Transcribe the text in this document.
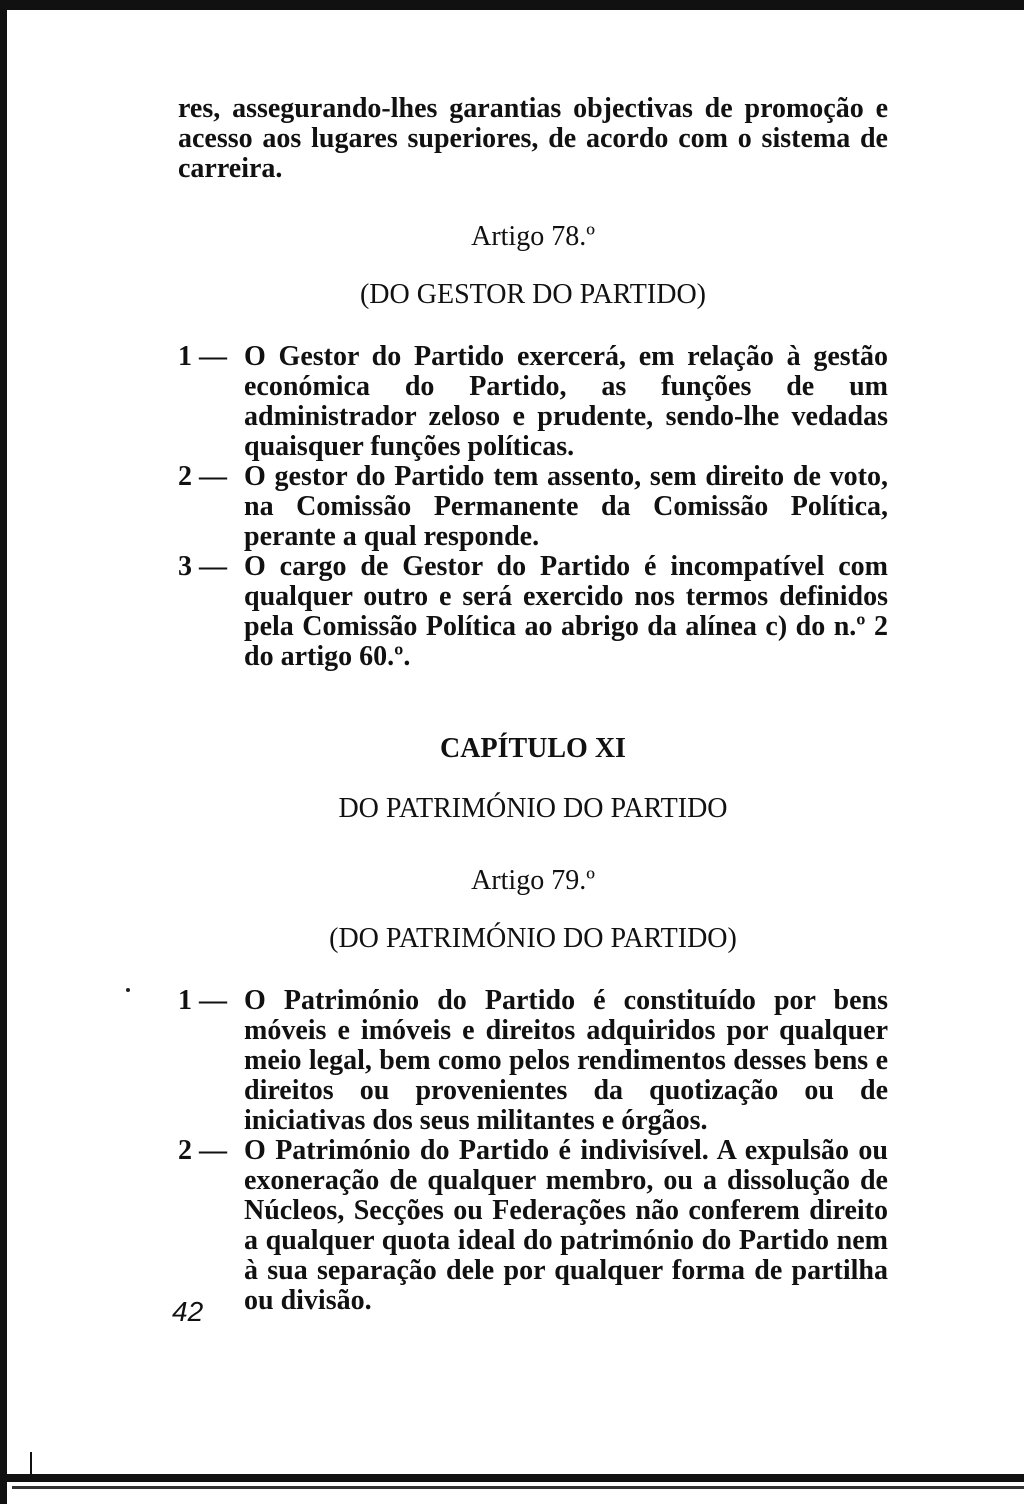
res, assegurando-lhes garantias objectivas de promoção e acesso aos lugares superiores, de acordo com o sistema de carreira.

Artigo 78.º

(DO GESTOR DO PARTIDO)

1 — O Gestor do Partido exercerá, em relação à gestão económica do Partido, as funções de um administrador zeloso e prudente, sendo-lhe vedadas quaisquer funções políticas.

2 — O gestor do Partido tem assento, sem direito de voto, na Comissão Permanente da Comissão Política, perante a qual responde.

3 — O cargo de Gestor do Partido é incompatível com qualquer outro e será exercido nos termos definidos pela Comissão Política ao abrigo da alínea c) do n.º 2 do artigo 60.º.

CAPÍTULO XI

DO PATRIMÓNIO DO PARTIDO

Artigo 79.º

(DO PATRIMÓNIO DO PARTIDO)

1 — O Património do Partido é constituído por bens móveis e imóveis e direitos adquiridos por qualquer meio legal, bem como pelos rendimentos desses bens e direitos ou provenientes da quotização ou de iniciativas dos seus militantes e órgãos.

2 — O Património do Partido é indivisível. A expulsão ou exoneração de qualquer membro, ou a dissolução de Núcleos, Secções ou Federações não conferem direito a qualquer quota ideal do património do Partido nem à sua separação dele por qualquer forma de partilha ou divisão.

42
